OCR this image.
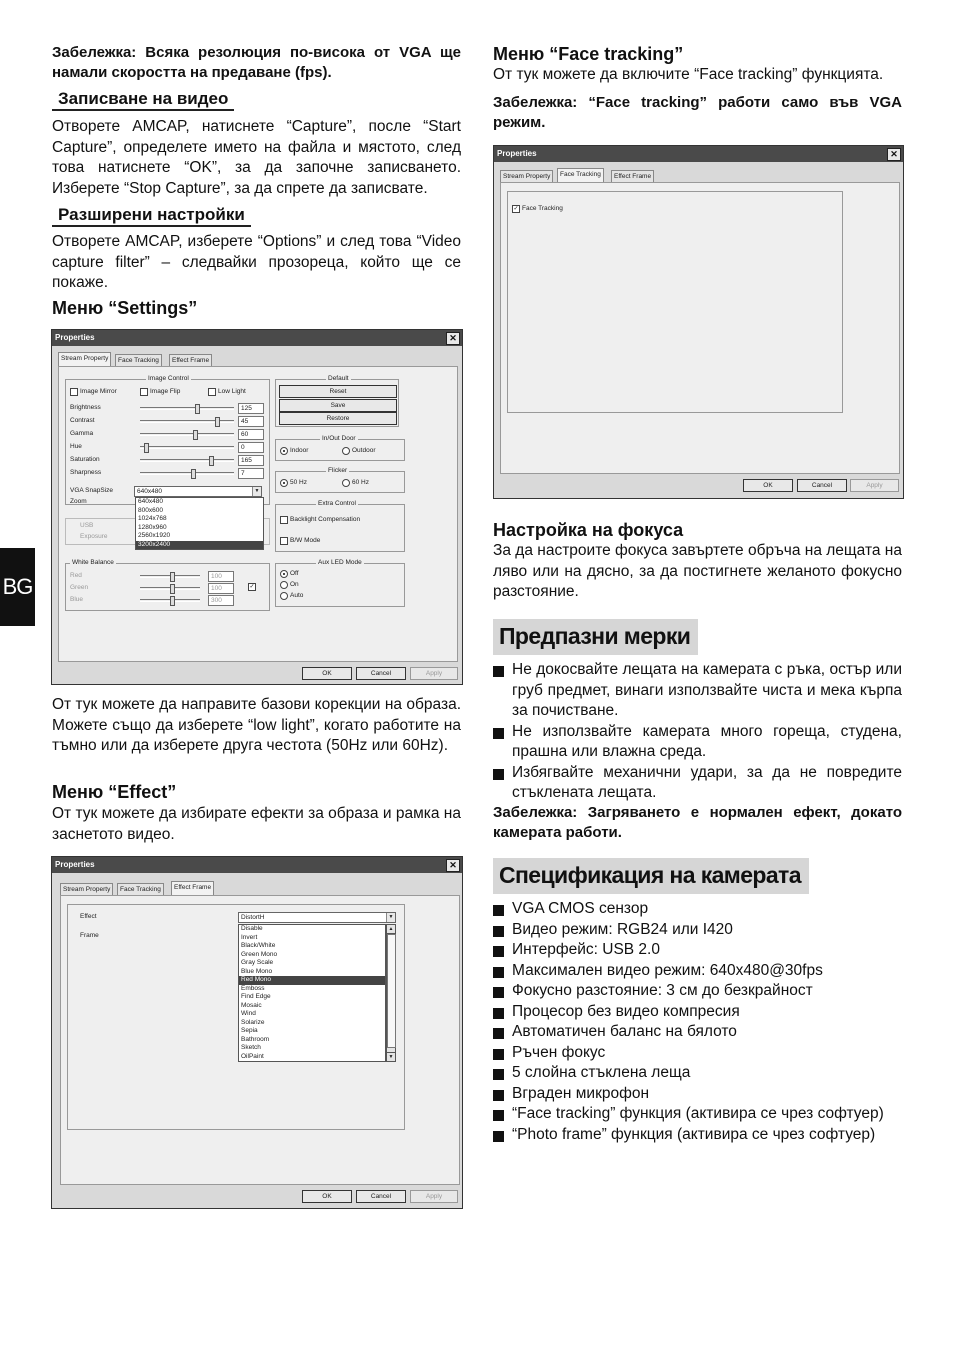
BG
Забележка: Всяка резолюция по-висока от VGA ще намали скоростта на предаване (fps).
Записване на видео
Отворете AMCAP, натиснете “Capture”, после “Start Capture”, определете името на файла и мястото, след това натиснете “OK”, за да започне записването. Изберете “Stop Capture”, за да спрете да записвате.
Разширени настройки
Отворете AMCAP, изберете “Options” и след това “Video capture filter” – следвайки прозореца, който ще се покаже.
Меню “Settings”
Properties	✕
Stream Property	Face Tracking	Effect Frame
Image Control
Image Mirror	Image Flip	Low Light
Brightness	125
Contrast	45
Gamma	60
Hue	0
Saturation	165
Sharpness	7
VGA SnapSize	640x480	▼
Zoom
USB
Exposure
White Balance
Red	100
Green	100
Blue	300
✓
640x480
800x600
1024x768
1280x960
2560x1920
3200x2400
Default
Reset
Save
Restore
In/Out Door
Indoor	Outdoor
Flicker
50 Hz	60 Hz
Extra Control
Backlight Compensation
B/W Mode
Aux LED Mode
Off
On
Auto
OK	Cancel	Apply
От тук можете да направите базови корекции на образа. Можете също да изберете “low light”, когато работите на тъмно или да изберете друга честота (50Hz или 60Hz).
Меню “Effect”
От тук можете да избирате ефекти за образа и рамка на заснетото видео.
Properties	✕
Stream Property	Face Tracking	Effect Frame
Effect
Frame
DistortH	▼
Disable
Invert
Black/White
Green Mono
Gray Scale
Blue Mono
Red Mono
Emboss
Find Edge
Mosaic
Wind
Solarize
Sepia
Bathroom
Sketch
OilPaint
▲
▼
OK	Cancel	Apply
Меню “Face tracking”
От тук можете да включите “Face tracking” функцията.
Забележка: “Face tracking” работи само във VGA режим.
Properties	✕
Stream Property	Face Tracking	Effect Frame
✓ Face Tracking
OK	Cancel	Apply
Настройка на фокуса
За да настроите фокуса завъртете обръча на лещата на ляво или на дясно, за да постигнете желаното фокусно разстояние.
Предпазни мерки
Не докосвайте лещата на камерата с ръка, остър или груб предмет, винаги използвайте чиста и мека кърпа за почистване.
Не използвайте камерата много гореща, студена, прашна или влажна среда.
Избягвайте механични удари, за да не повредите стъклената лещата.
Забележка: Загряването е нормален ефект, докато камерата работи.
Спецификация на камерата
VGA CMOS сензор
Видео режим: RGB24 или I420
Интерфейс: USB 2.0
Максимален видео режим: 640x480@30fps
Фокусно разстояние: 3 см до безкрайност
Процесор без видео компресия
Автоматичен баланс на бялото
Ръчен фокус
5 слойна стъклена леща
Вграден микрофон
“Face tracking” функция (активира се чрез софтуер)
“Photo frame” функция (активира се чрез софтуер)
